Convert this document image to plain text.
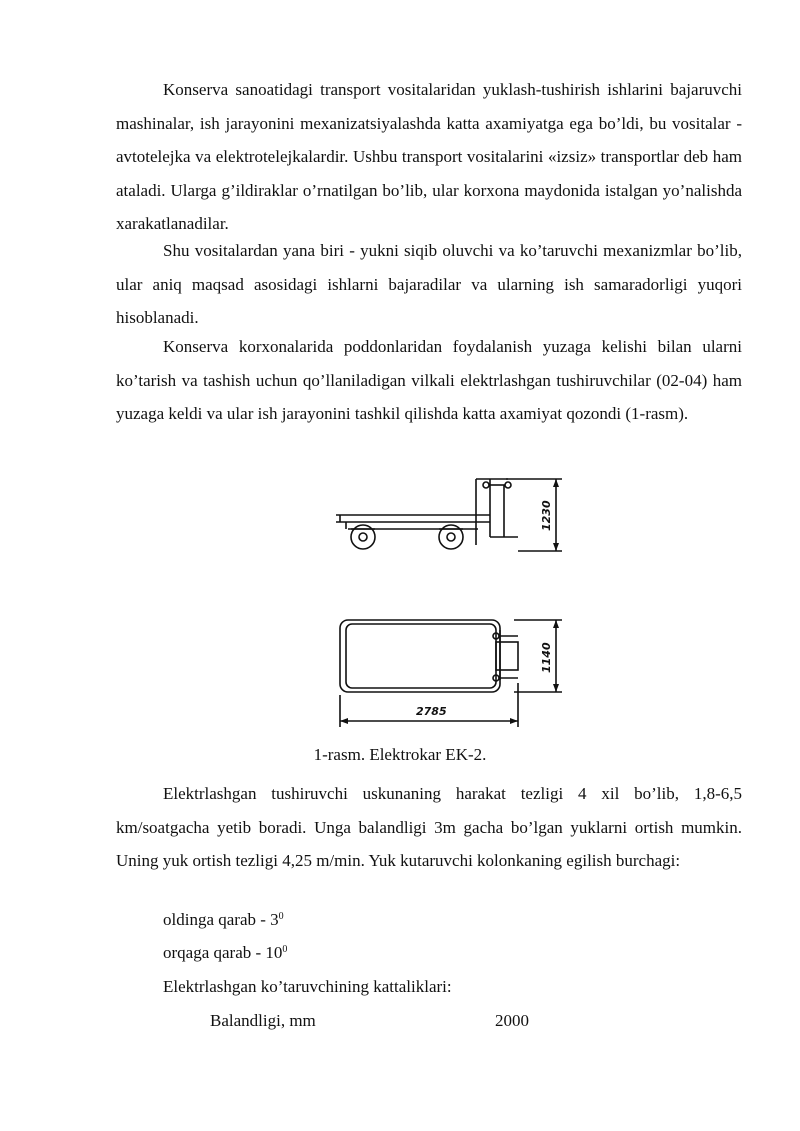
Konserva sanoatidagi transport vositalaridan yuklash-tushirish ishlarini bajaruvchi mashinalar, ish jarayonini mexanizatsiyalashda katta axamiyatga ega bo’ldi, bu vositalar - avtotelejka va elektrotelejkalardir. Ushbu transport vositalarini «izsiz» transportlar deb ham ataladi. Ularga g’ildiraklar o’rnatilgan bo’lib, ular korxona maydonida istalgan yo’nalishda xarakatlanadilar.

Shu vositalardan yana biri - yukni siqib oluvchi va ko’taruvchi mexanizmlar bo’lib, ular aniq maqsad asosidagi ishlarni bajaradilar va ularning ish samaradorligi yuqori hisoblanadi.

Konserva korxonalarida poddonlaridan foydalanish yuzaga kelishi bilan ularni ko’tarish va tashish uchun qo’llaniladigan vilkali elektrlashgan tushiruvchilar (02-04) ham yuzaga keldi va ular ish jarayonini tashkil qilishda katta axamiyat qozondi (1-rasm).

1230
1140
2785
1-rasm. Elektrokar EK-2.

Elektrlashgan tushiruvchi uskunaning harakat tezligi 4 xil bo’lib, 1,8-6,5 km/soatgacha yetib boradi. Unga balandligi 3m gacha bo’lgan yuklarni ortish mumkin. Uning yuk ortish tezligi 4,25 m/min. Yuk kutaruvchi kolonkaning egilish burchagi:

oldinga qarab - $3^0$
orqaga qarab - $10^0$
Elektrlashgan ko’taruvchining kattaliklari:
Balandligi, mm	2000
